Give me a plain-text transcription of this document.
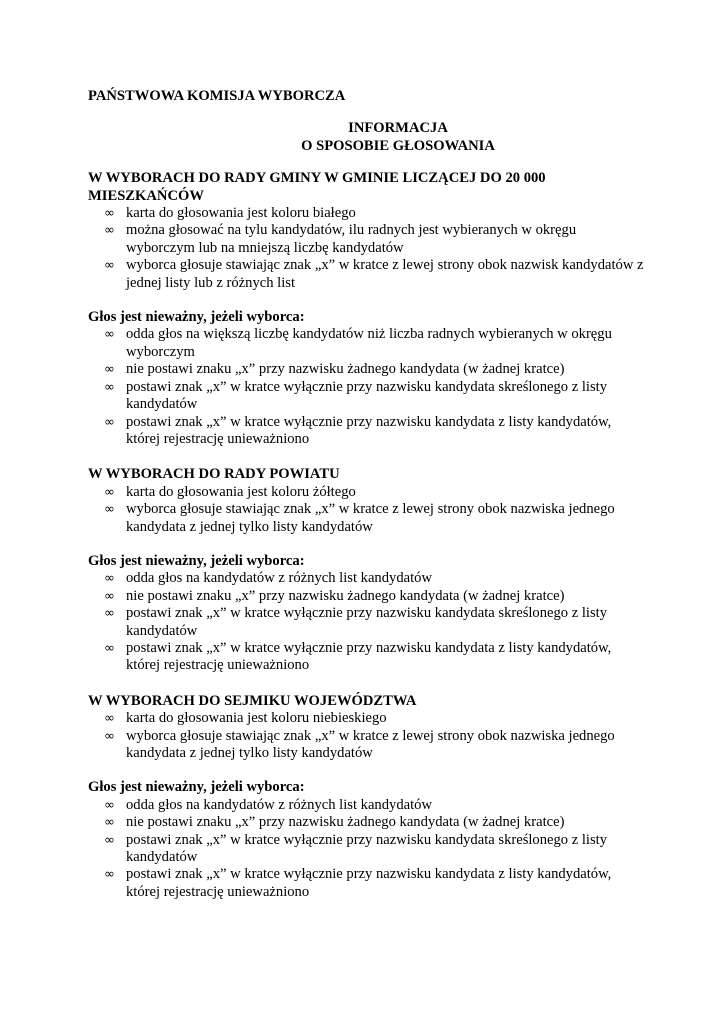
PAŃSTWOWA KOMISJA WYBORCZA

INFORMACJA
O SPOSOBIE GŁOSOWANIA

W WYBORACH DO RADY GMINY W GMINIE LICZĄCEJ DO 20 000 MIESZKAŃCÓW

∞ karta do głosowania jest koloru białego
∞ można głosować na tylu kandydatów, ilu radnych jest wybieranych w okręgu wyborczym lub na mniejszą liczbę kandydatów
∞ wyborca głosuje stawiając znak „x” w kratce z lewej strony obok nazwisk kandydatów z jednej listy lub z różnych list

Głos jest nieważny, jeżeli wyborca:

∞ odda głos na większą liczbę kandydatów niż liczba radnych wybieranych w okręgu wyborczym
∞ nie postawi znaku „x” przy nazwisku żadnego kandydata (w żadnej kratce)
∞ postawi znak „x” w kratce wyłącznie przy nazwisku kandydata skreślonego z listy kandydatów
∞ postawi znak „x” w kratce wyłącznie przy nazwisku kandydata z listy kandydatów, której rejestrację unieważniono

W WYBORACH DO RADY POWIATU

∞ karta do głosowania jest koloru żółtego
∞ wyborca głosuje stawiając znak „x” w kratce z lewej strony obok nazwiska jednego kandydata z jednej tylko listy kandydatów

Głos jest nieważny, jeżeli wyborca:

∞ odda głos na kandydatów z różnych list kandydatów
∞ nie postawi znaku „x” przy nazwisku żadnego kandydata (w żadnej kratce)
∞ postawi znak „x” w kratce wyłącznie przy nazwisku kandydata skreślonego z listy kandydatów
∞ postawi znak „x” w kratce wyłącznie przy nazwisku kandydata z listy kandydatów, której rejestrację unieważniono

W WYBORACH DO SEJMIKU WOJEWÓDZTWA

∞ karta do głosowania jest koloru niebieskiego
∞ wyborca głosuje stawiając znak „x” w kratce z lewej strony obok nazwiska jednego kandydata z jednej tylko listy kandydatów

Głos jest nieważny, jeżeli wyborca:

∞ odda głos na kandydatów z różnych list kandydatów
∞ nie postawi znaku „x” przy nazwisku żadnego kandydata (w żadnej kratce)
∞ postawi znak „x” w kratce wyłącznie przy nazwisku kandydata skreślonego z listy kandydatów
∞ postawi znak „x” w kratce wyłącznie przy nazwisku kandydata z listy kandydatów, której rejestrację unieważniono
